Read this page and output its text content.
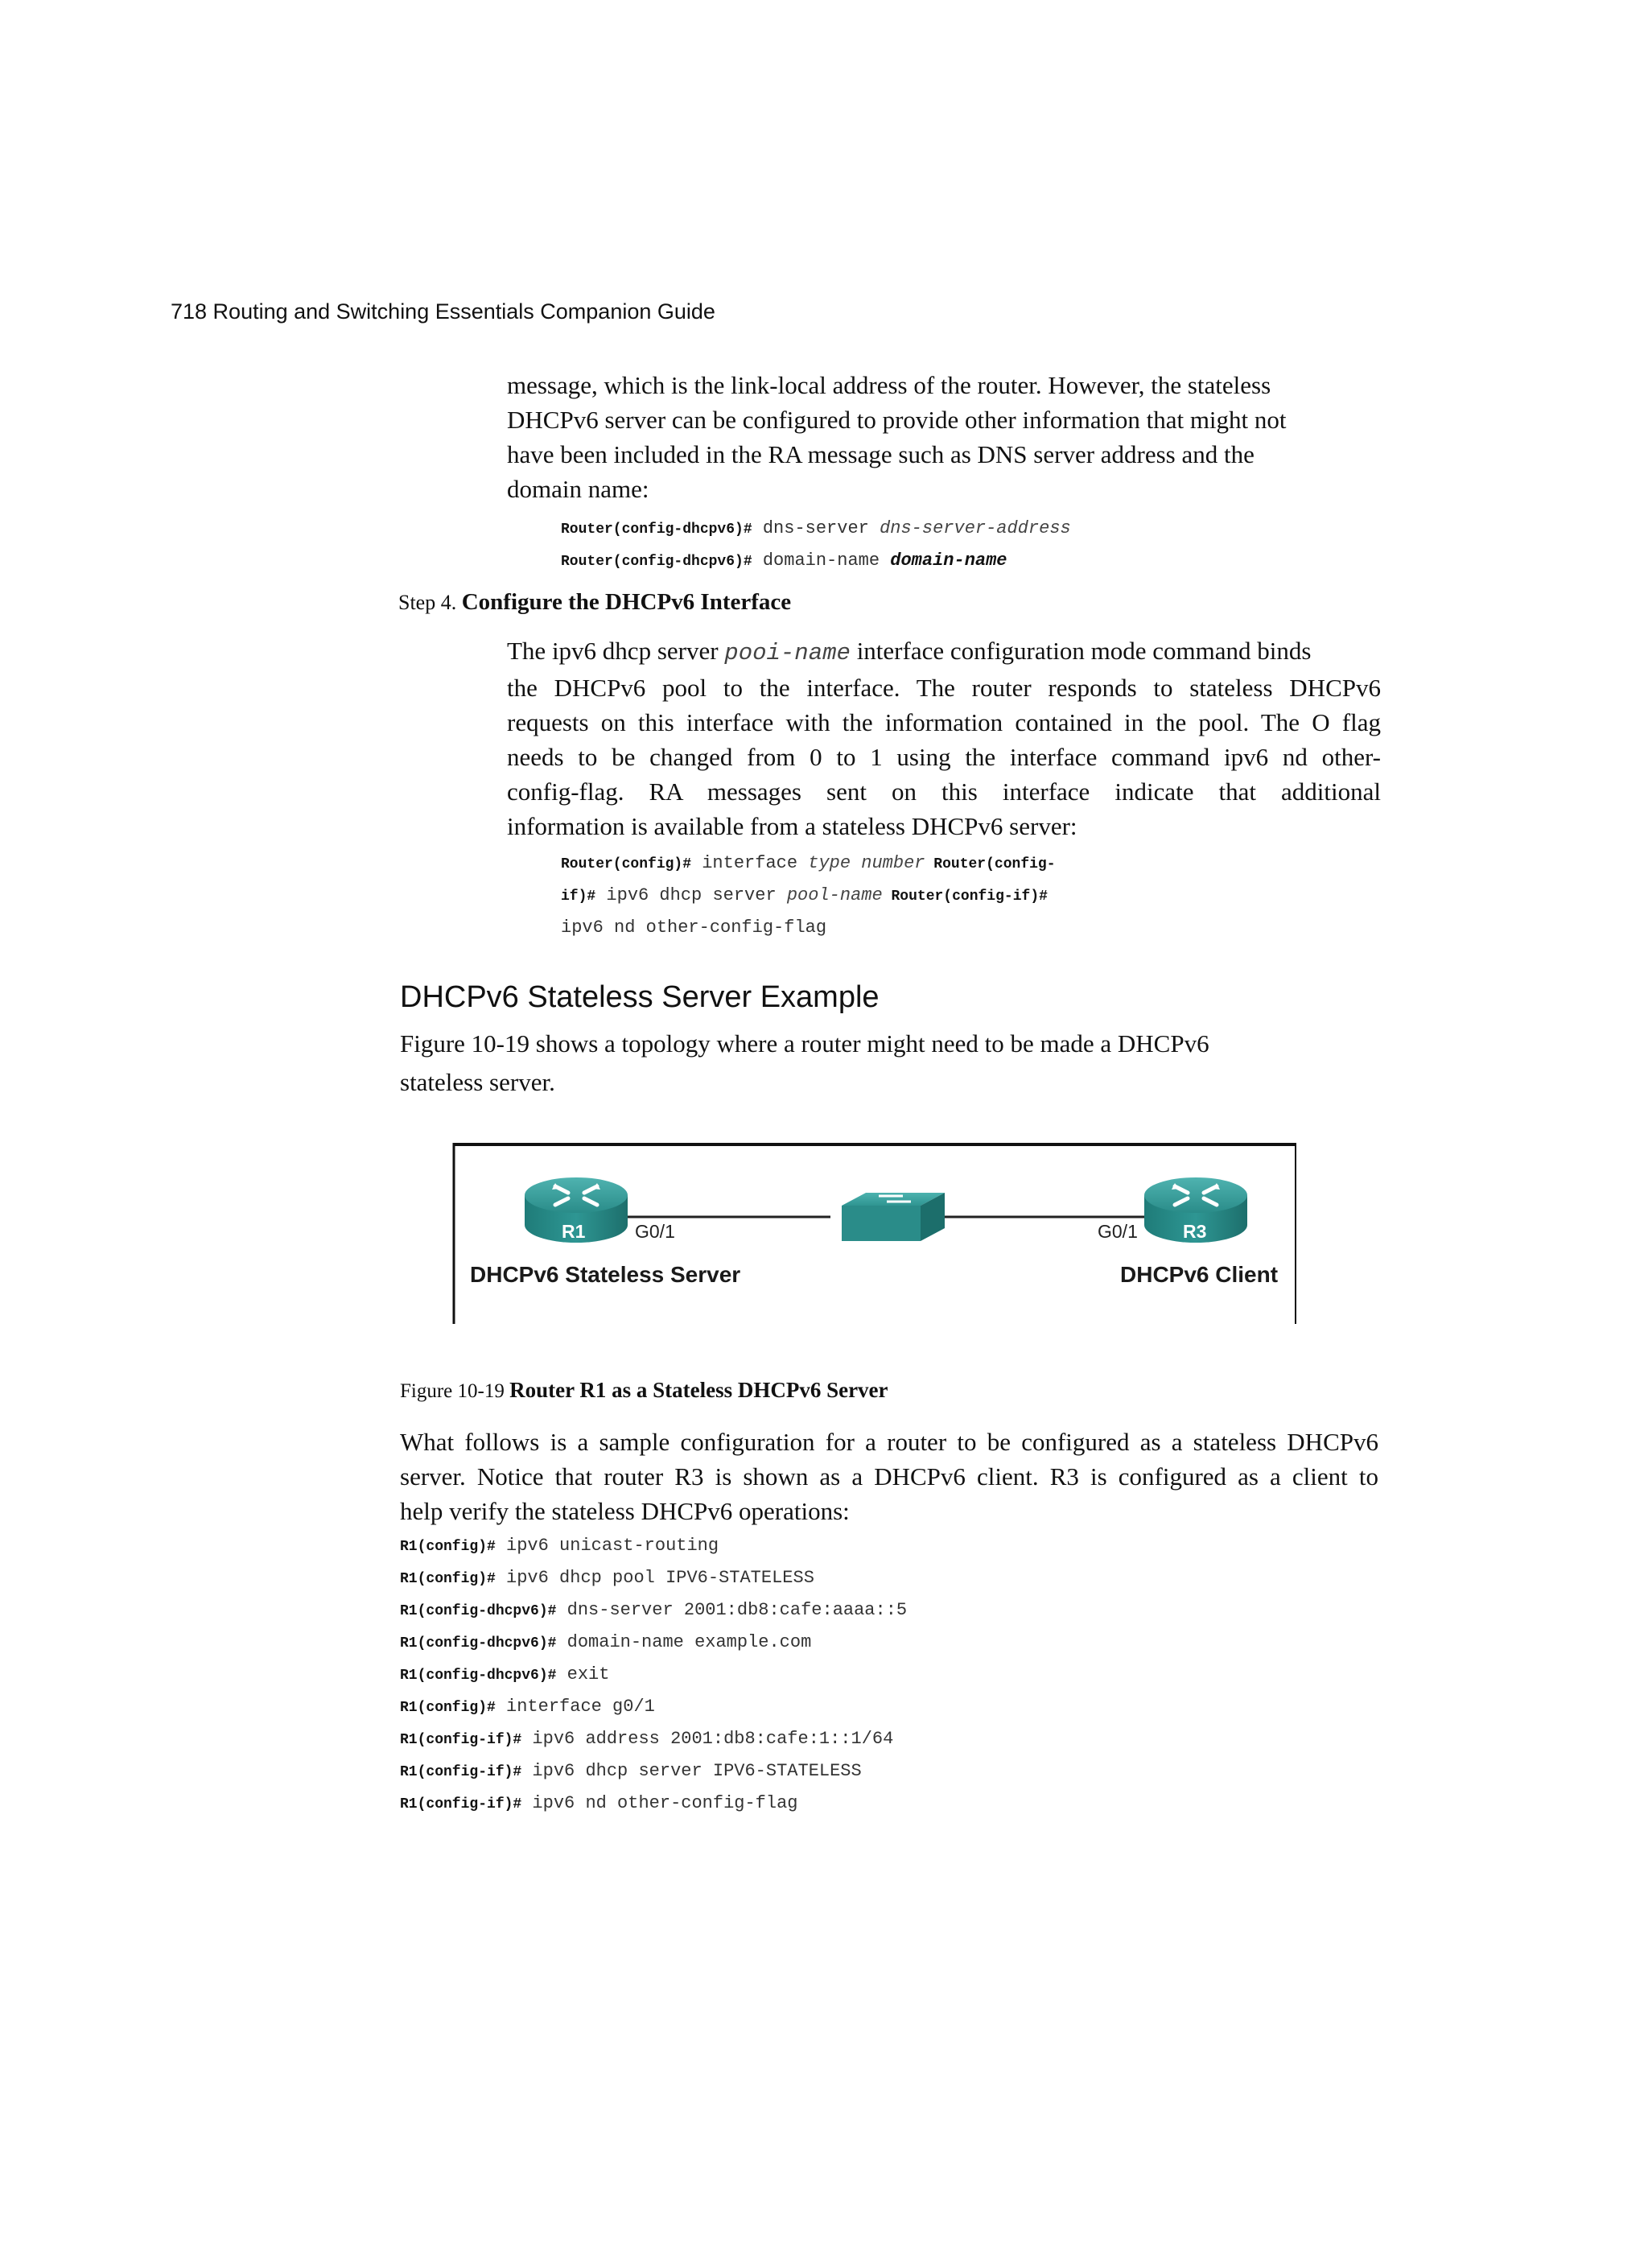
718 Routing and Switching Essentials Companion Guide
message, which is the link-local address of the router. However, the stateless
DHCPv6 server can be configured to provide other information that might not
have been included in the RA message such as DNS server address and the
domain name:
Router(config-dhcpv6)# dns-server dns-server-address
Router(config-dhcpv6)# domain-name domain-name
Step 4. Configure the DHCPv6 Interface

The ipv6 dhcp server pooi-name interface configuration mode command binds

the DHCPv6 pool to the interface. The router responds to stateless DHCPv6

requests on this interface with the information contained in the pool. The O flag

needs to be changed from 0 to 1 using the interface command ipv6 nd other-

config-flag. RA messages sent on this interface indicate that additional

information is available from a stateless DHCPv6 server:

Router(config)# interface type number Router(config-
if)# ipv6 dhcp server pool-name Router(config-if)#
ipv6 nd other-config-flag
DHCPv6 Stateless Server Example
Figure 10-19 shows a topology where a router might need to be made a DHCPv6
stateless server.
R1	R3
G0/1	G0/1
DHCPv6 Stateless Server	DHCPv6 Client
Figure 10-19 Router R1 as a Stateless DHCPv6 Server

What follows is a sample configuration for a router to be configured as a stateless DHCPv6

server. Notice that router R3 is shown as a DHCPv6 client. R3 is configured as a client to

help verify the stateless DHCPv6 operations:

R1(config)# ipv6 unicast-routing
R1(config)# ipv6 dhcp pool IPV6-STATELESS
R1(config-dhcpv6)# dns-server 2001:db8:cafe:aaaa::5
R1(config-dhcpv6)# domain-name example.com
R1(config-dhcpv6)# exit
R1(config)# interface g0/1
R1(config-if)# ipv6 address 2001:db8:cafe:1::1/64
R1(config-if)# ipv6 dhcp server IPV6-STATELESS
R1(config-if)# ipv6 nd other-config-flag
